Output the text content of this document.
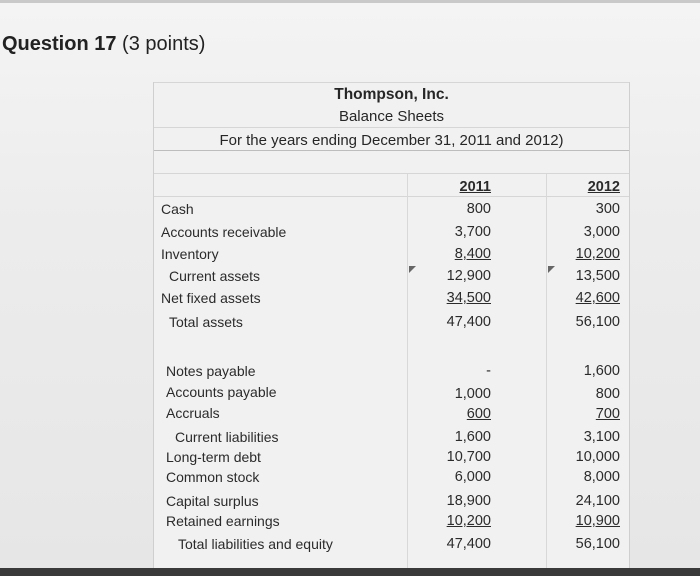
Question 17 (3 points)
Thompson, Inc.
Balance Sheets
For the years ending December 31, 2011 and 2012)
2011	2012
Cash	800	300
Accounts receivable	3,700	3,000
Inventory	8,400	10,200
Current assets	12,900	13,500
Net fixed assets	34,500	42,600
Total assets	47,400	56,100
Notes payable	-	1,600
Accounts payable	1,000	800
Accruals	600	700
Current liabilities	1,600	3,100
Long-term debt	10,700	10,000
Common stock	6,000	8,000
Capital surplus	18,900	24,100
Retained earnings	10,200	10,900
Total liabilities and equity	47,400	56,100
